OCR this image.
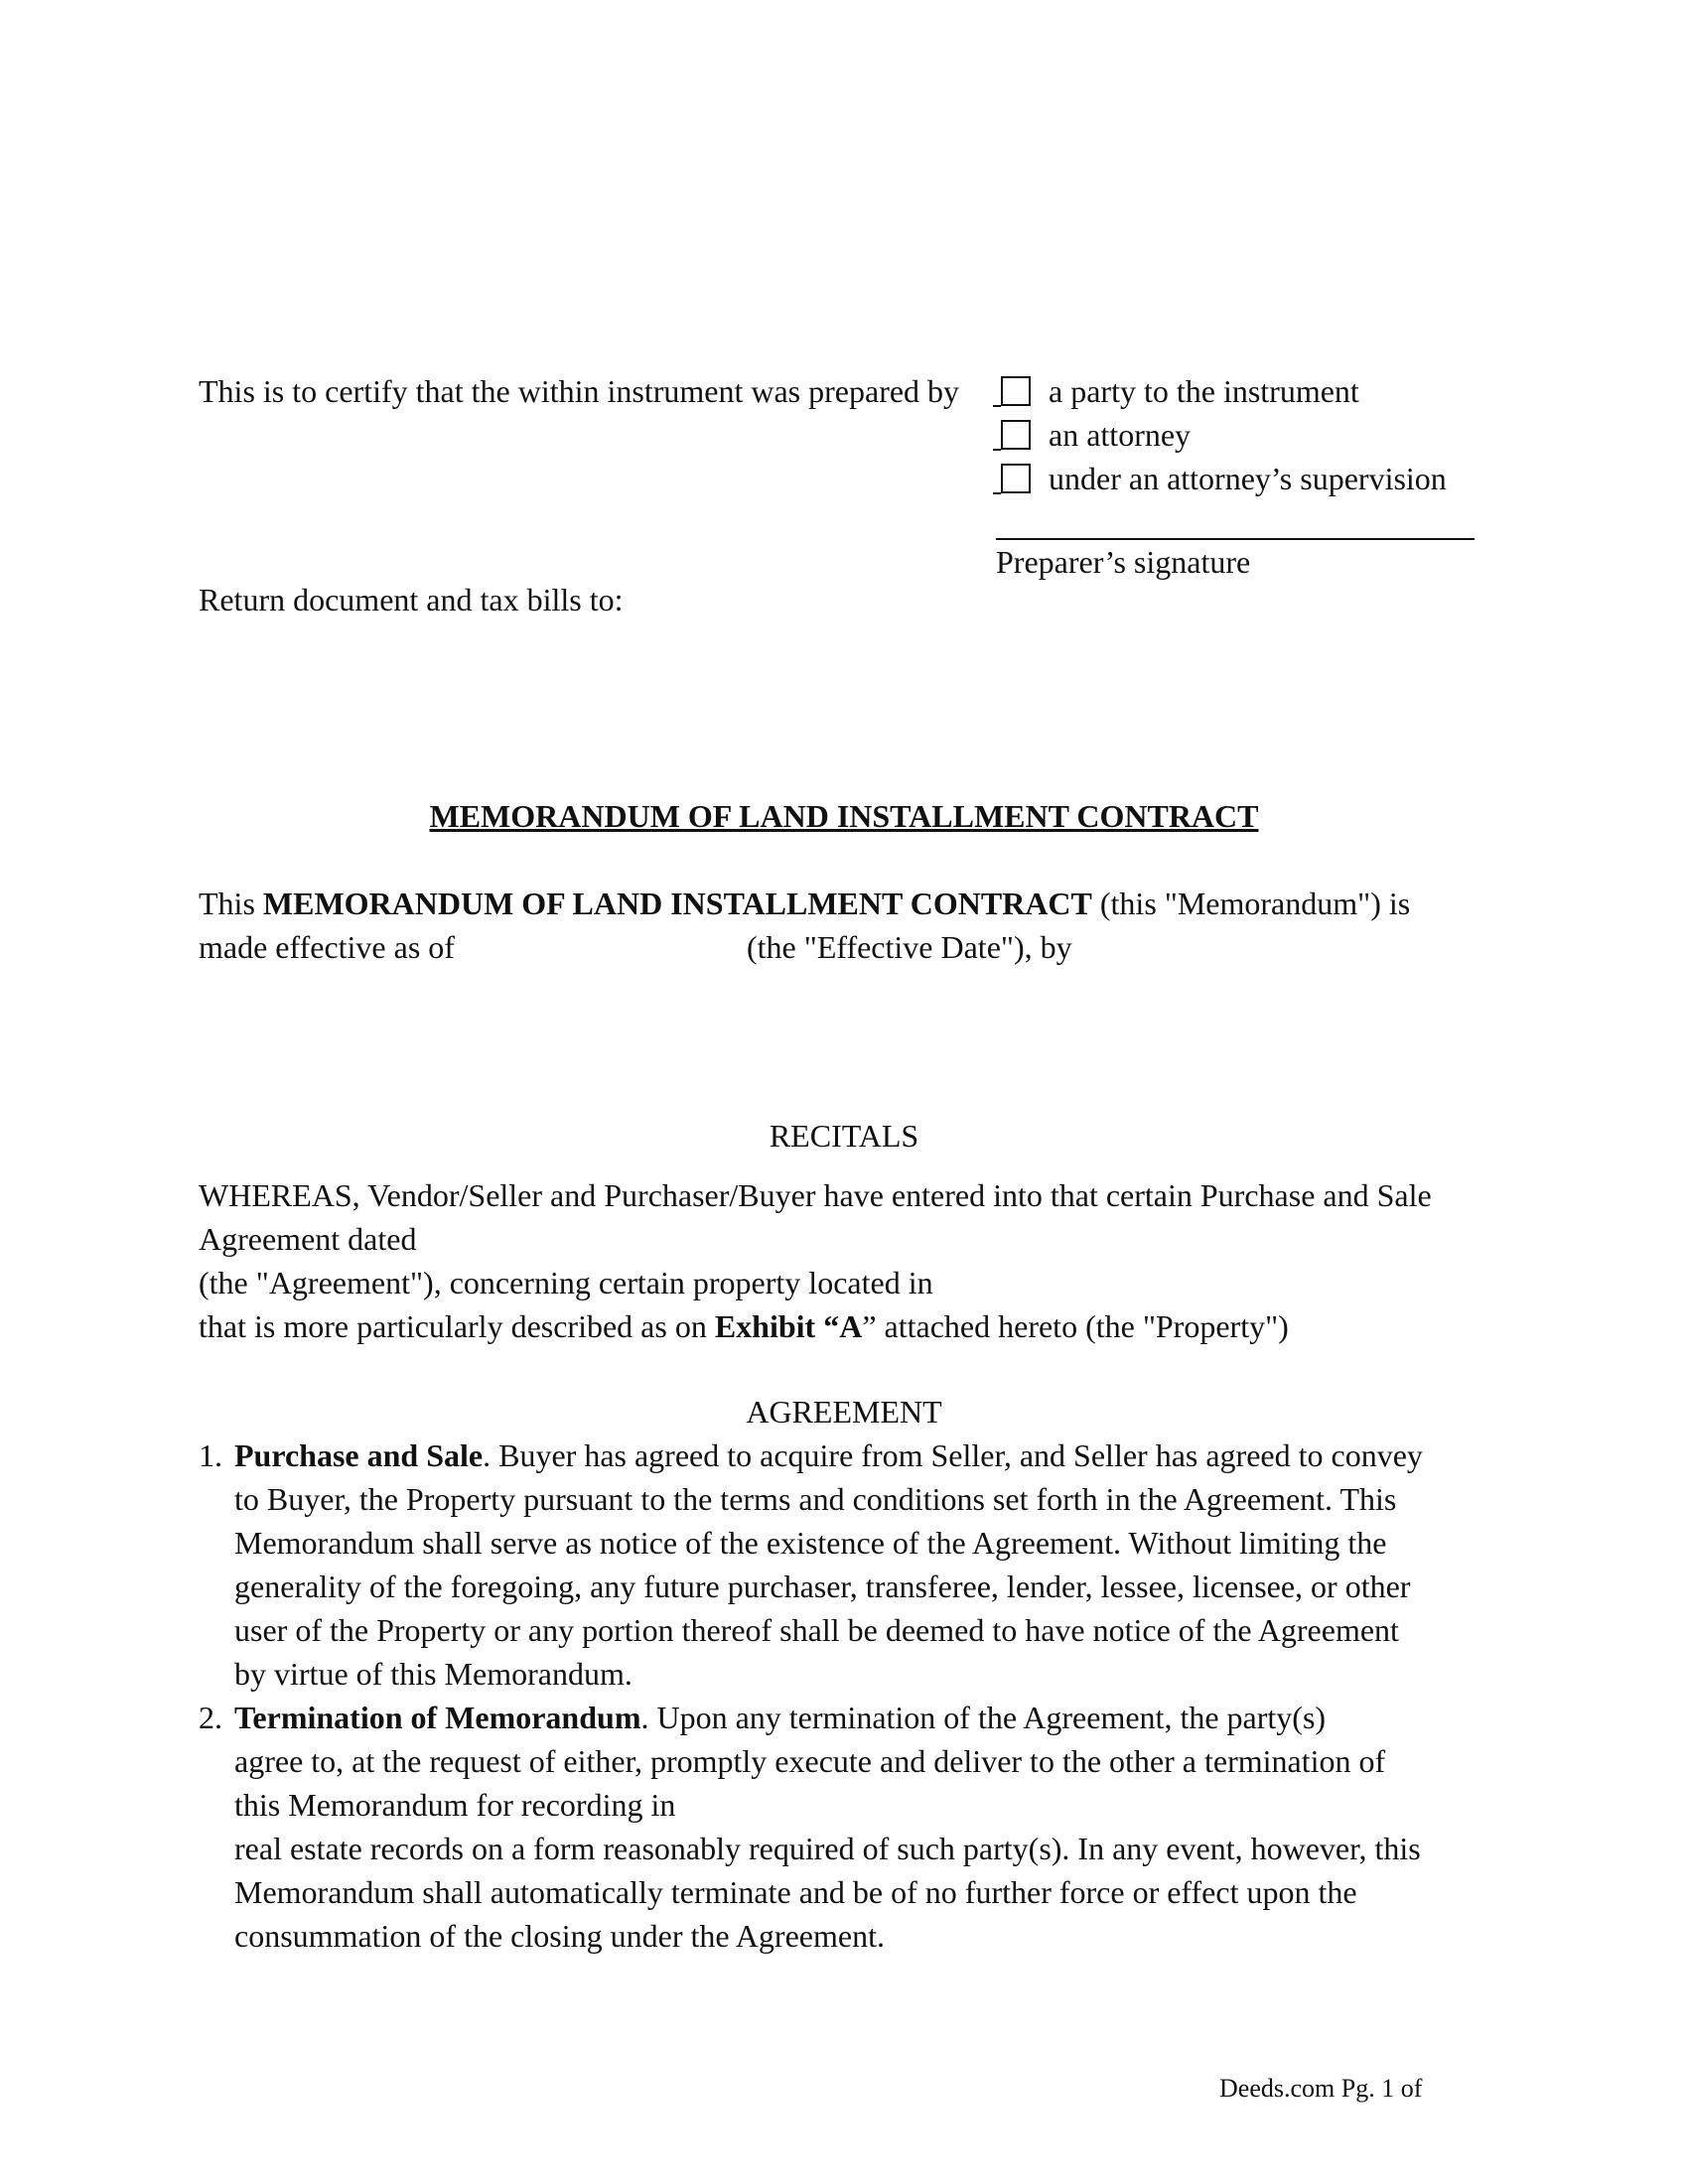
This is to certify that the within instrument was prepared by	a party to the instrument
an attorney
under an attorney’s supervision
Preparer’s signature
Return document and tax bills to:
MEMORANDUM OF LAND INSTALLMENT CONTRACT
This MEMORANDUM OF LAND INSTALLMENT CONTRACT (this "Memorandum") is
made effective as of	(the "Effective Date"), by
RECITALS
WHEREAS, Vendor/Seller and Purchaser/Buyer have entered into that certain Purchase and Sale
Agreement dated
(the "Agreement"), concerning certain property located in
that is more particularly described as on Exhibit “A” attached hereto (the "Property")
AGREEMENT
1. Purchase and Sale. Buyer has agreed to acquire from Seller, and Seller has agreed to convey
to Buyer, the Property pursuant to the terms and conditions set forth in the Agreement. This
Memorandum shall serve as notice of the existence of the Agreement. Without limiting the
generality of the foregoing, any future purchaser, transferee, lender, lessee, licensee, or other
user of the Property or any portion thereof shall be deemed to have notice of the Agreement
by virtue of this Memorandum.
2. Termination of Memorandum. Upon any termination of the Agreement, the party(s)
agree to, at the request of either, promptly execute and deliver to the other a termination of
this Memorandum for recording in
real estate records on a form reasonably required of such party(s). In any event, however, this
Memorandum shall automatically terminate and be of no further force or effect upon the
consummation of the closing under the Agreement.
Deeds.com Pg. 1 of
